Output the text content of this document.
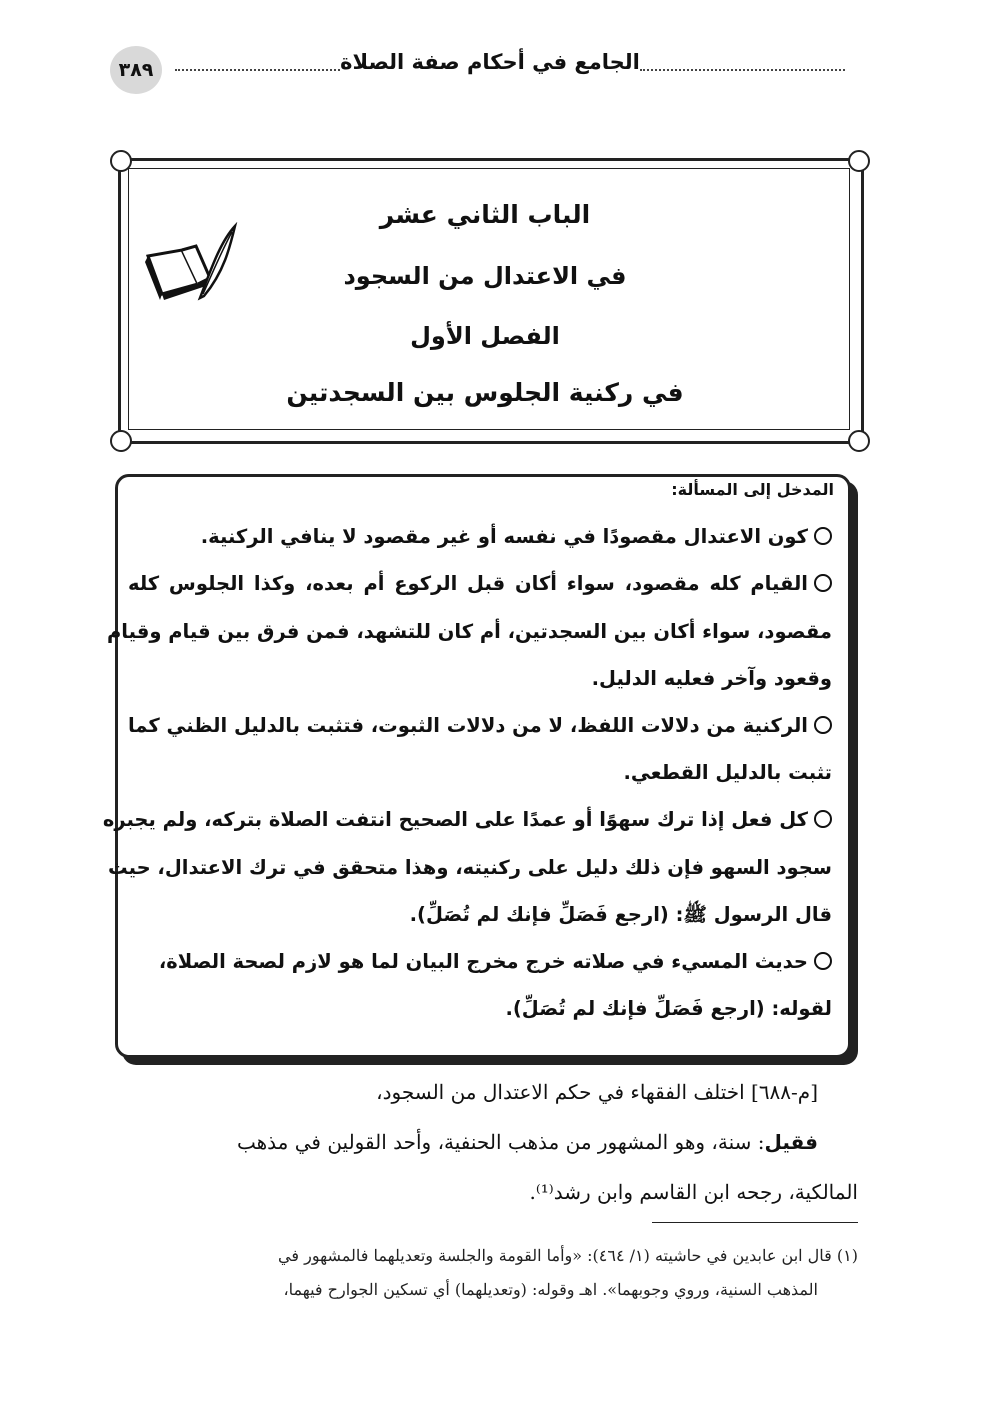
الجامع في أحكام صفة الصلاة
٣٨٩
الباب الثاني عشر
في الاعتدال من السجود
الفصل الأول
في ركنية الجلوس بين السجدتين
المدخل إلى المسألة:
كون الاعتدال مقصودًا في نفسه أو غير مقصود لا ينافي الركنية.
القيام كله مقصود، سواء أكان قبل الركوع أم بعده، وكذا الجلوس كله
مقصود، سواء أكان بين السجدتين، أم كان للتشهد، فمن فرق بين قيام وقيام
وقعود وآخر فعليه الدليل.
الركنية من دلالات اللفظ، لا من دلالات الثبوت، فتثبت بالدليل الظني كما
تثبت بالدليل القطعي.
كل فعل إذا ترك سهوًا أو عمدًا على الصحيح انتفت الصلاة بتركه، ولم يجبره
سجود السهو فإن ذلك دليل على ركنيته، وهذا متحقق في ترك الاعتدال، حيث
قال الرسول ﷺ: (ارجع فَصَلِّ فإنك لم تُصَلِّ).
حديث المسيء في صلاته خرج مخرج البيان لما هو لازم لصحة الصلاة،
لقوله: (ارجع فَصَلِّ فإنك لم تُصَلِّ).
[م-٦٨٨] اختلف الفقهاء في حكم الاعتدال من السجود،
فقيل: سنة، وهو المشهور من مذهب الحنفية، وأحد القولين في مذهب
المالكية، رجحه ابن القاسم وابن رشد⁽¹⁾.
(١) قال ابن عابدين في حاشيته (١/ ٤٦٤): «وأما القومة والجلسة وتعديلهما فالمشهور في
المذهب السنية، وروي وجوبهما». اهـ وقوله: (وتعديلهما) أي تسكين الجوارح فيهما،
